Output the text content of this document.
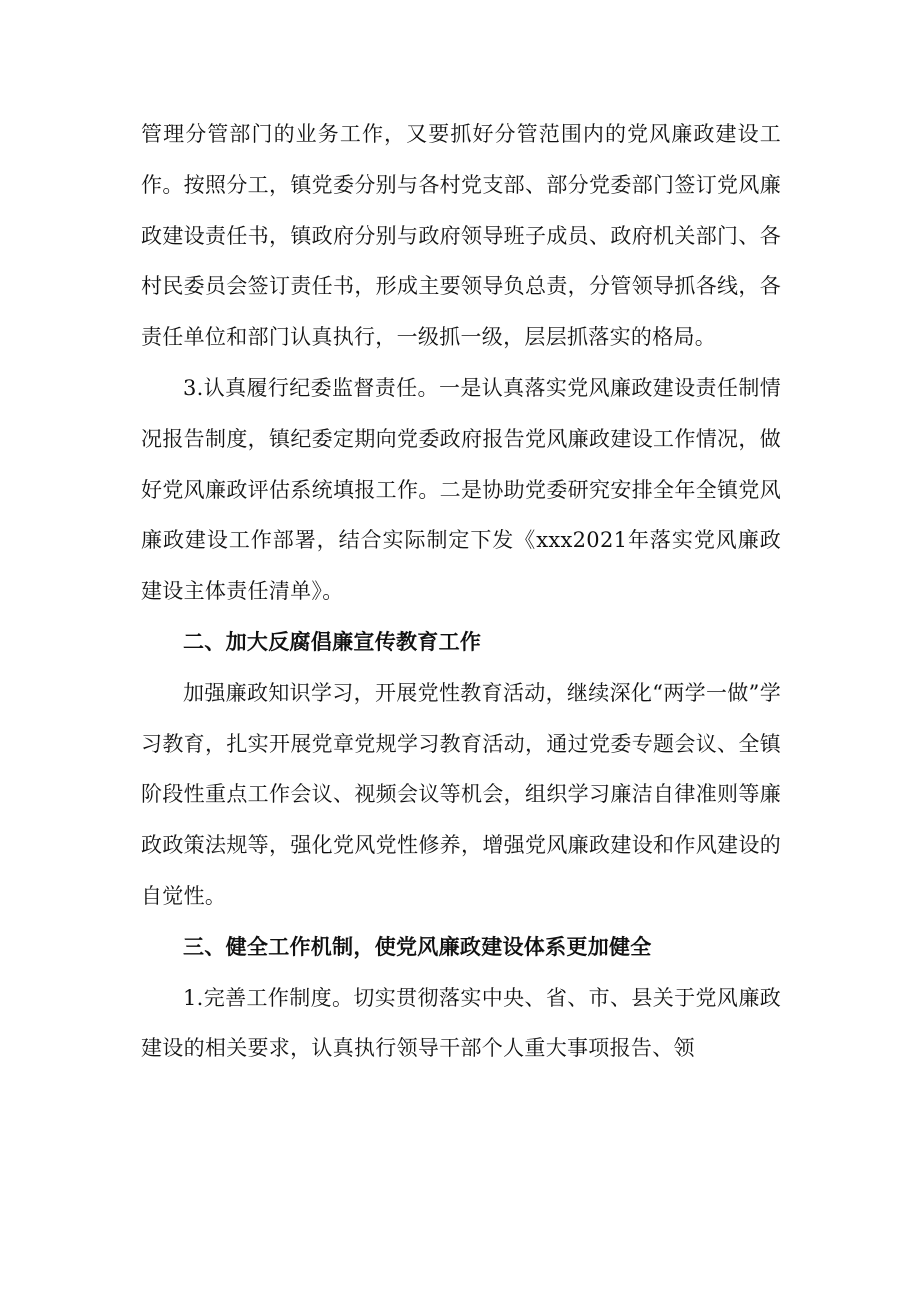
管理分管部门的业务工作，又要抓好分管范围内的党风廉政建设工作。按照分工，镇党委分别与各村党支部、部分党委部门签订党风廉政建设责任书，镇政府分别与政府领导班子成员、政府机关部门、各村民委员会签订责任书，形成主要领导负总责，分管领导抓各线，各责任单位和部门认真执行，一级抓一级，层层抓落实的格局。

3.认真履行纪委监督责任。一是认真落实党风廉政建设责任制情况报告制度，镇纪委定期向党委政府报告党风廉政建设工作情况，做好党风廉政评估系统填报工作。二是协助党委研究安排全年全镇党风廉政建设工作部署，结合实际制定下发《xxx2021年落实党风廉政建设主体责任清单》。

二、加大反腐倡廉宣传教育工作

加强廉政知识学习，开展党性教育活动，继续深化“两学一做”学习教育，扎实开展党章党规学习教育活动，通过党委专题会议、全镇阶段性重点工作会议、视频会议等机会，组织学习廉洁自律准则等廉政政策法规等，强化党风党性修养，增强党风廉政建设和作风建设的自觉性。

三、健全工作机制，使党风廉政建设体系更加健全

1.完善工作制度。切实贯彻落实中央、省、市、县关于党风廉政建设的相关要求，认真执行领导干部个人重大事项报告、领
